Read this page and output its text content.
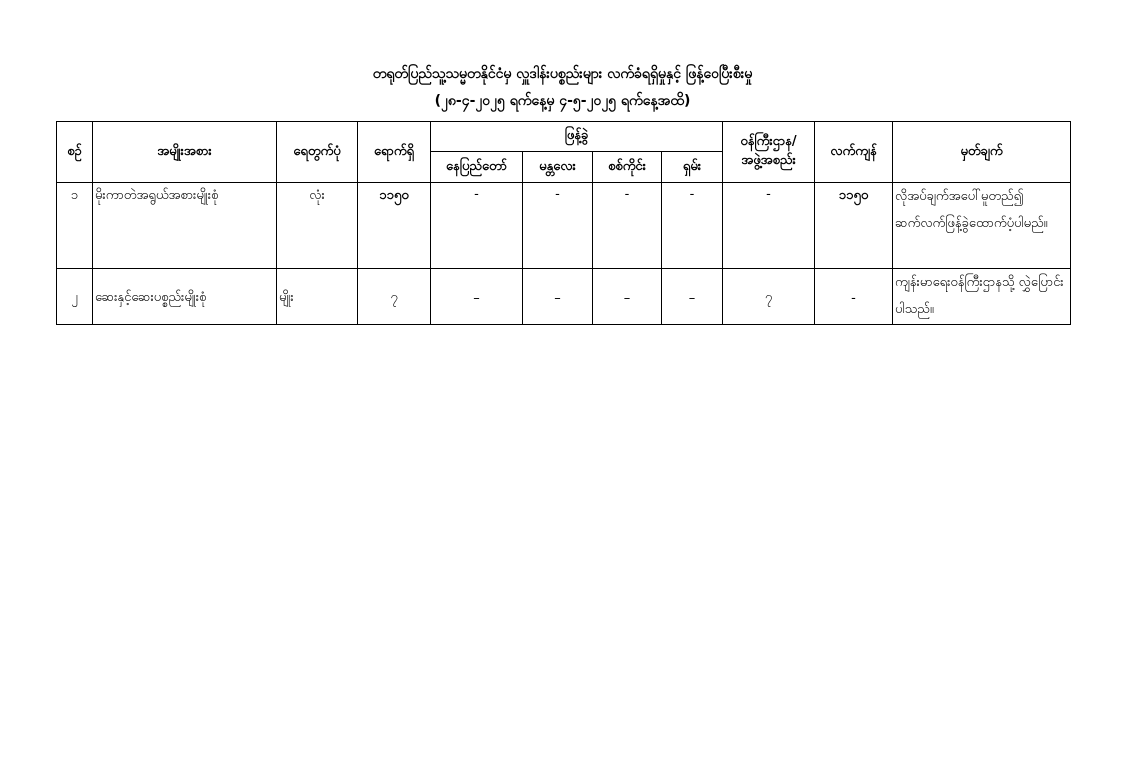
တရုတ်ပြည်သူ့သမ္မတနိုင်ငံမှ လှူဒါန်းပစ္စည်းများ လက်ခံရရှိမှုနှင့် ဖြန့်ဝေပြီးစီးမှု
(၂၈-၄-၂၀၂၅ ရက်နေ့မှ ၄-၅-၂၀၂၅ ရက်နေ့အထိ)
စဉ်	အမျိုးအစား	ရေတွက်ပုံ	ရောက်ရှိ	ဖြန့်ခွဲ				ဝန်ကြီးဌာန/
အဖွဲ့အစည်း	လက်ကျန်	မှတ်ချက်
				နေပြည်တော်	မန္တလေး	စစ်ကိုင်း	ရှမ်း			
၁	မိုးကာတဲအရွယ်အစားမျိုးစုံ	လုံး	၁၁၅၀	-	-	-	-	-	၁၁၅၀	လိုအပ်ချက်အပေါ်မူတည်၍ ဆက်လက်ဖြန့်ခွဲထောက်ပံ့ပါမည်။
၂	ဆေးနှင့်ဆေးပစ္စည်းမျိုးစုံ	မျိုး	၇	–	–	–	–	၇	-	ကျန်းမာရေးဝန်ကြီးဌာနသို့ လွှဲပြောင်းပါသည်။
